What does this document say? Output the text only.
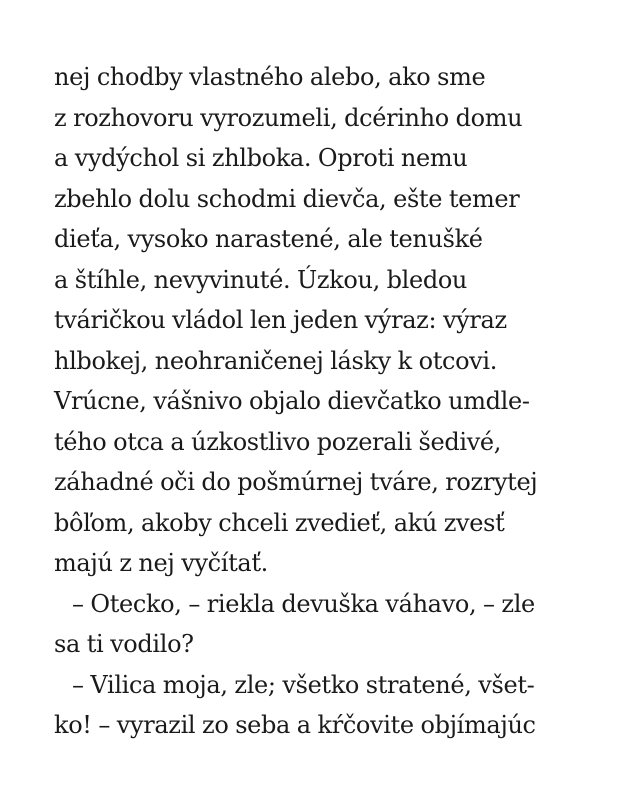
nej chodby vlastného alebo, ako sme
z rozhovoru vyrozumeli, dcérinho domu
a vydýchol si zhlboka. Oproti nemu
zbehlo dolu schodmi dievča, ešte temer
dieťa, vysoko narastené, ale tenušké
a štíhle, nevyvinuté. Úzkou, bledou
tváričkou vládol len jeden výraz: výraz
hlbokej, neohraničenej lásky k otcovi.
Vrúcne, vášnivo objalo dievčatko umdle-
tého otca a úzkostlivo pozerali šedivé,
záhadné oči do pošmúrnej tváre, rozrytej
bôľom, akoby chceli zvedieť, akú zvesť
majú z nej vyčítať.
– Otecko, – riekla devuška váhavo, – zle
sa ti vodilo?
– Vilica moja, zle; všetko stratené, všet-
ko! – vyrazil zo seba a kŕčovite objímajúc
